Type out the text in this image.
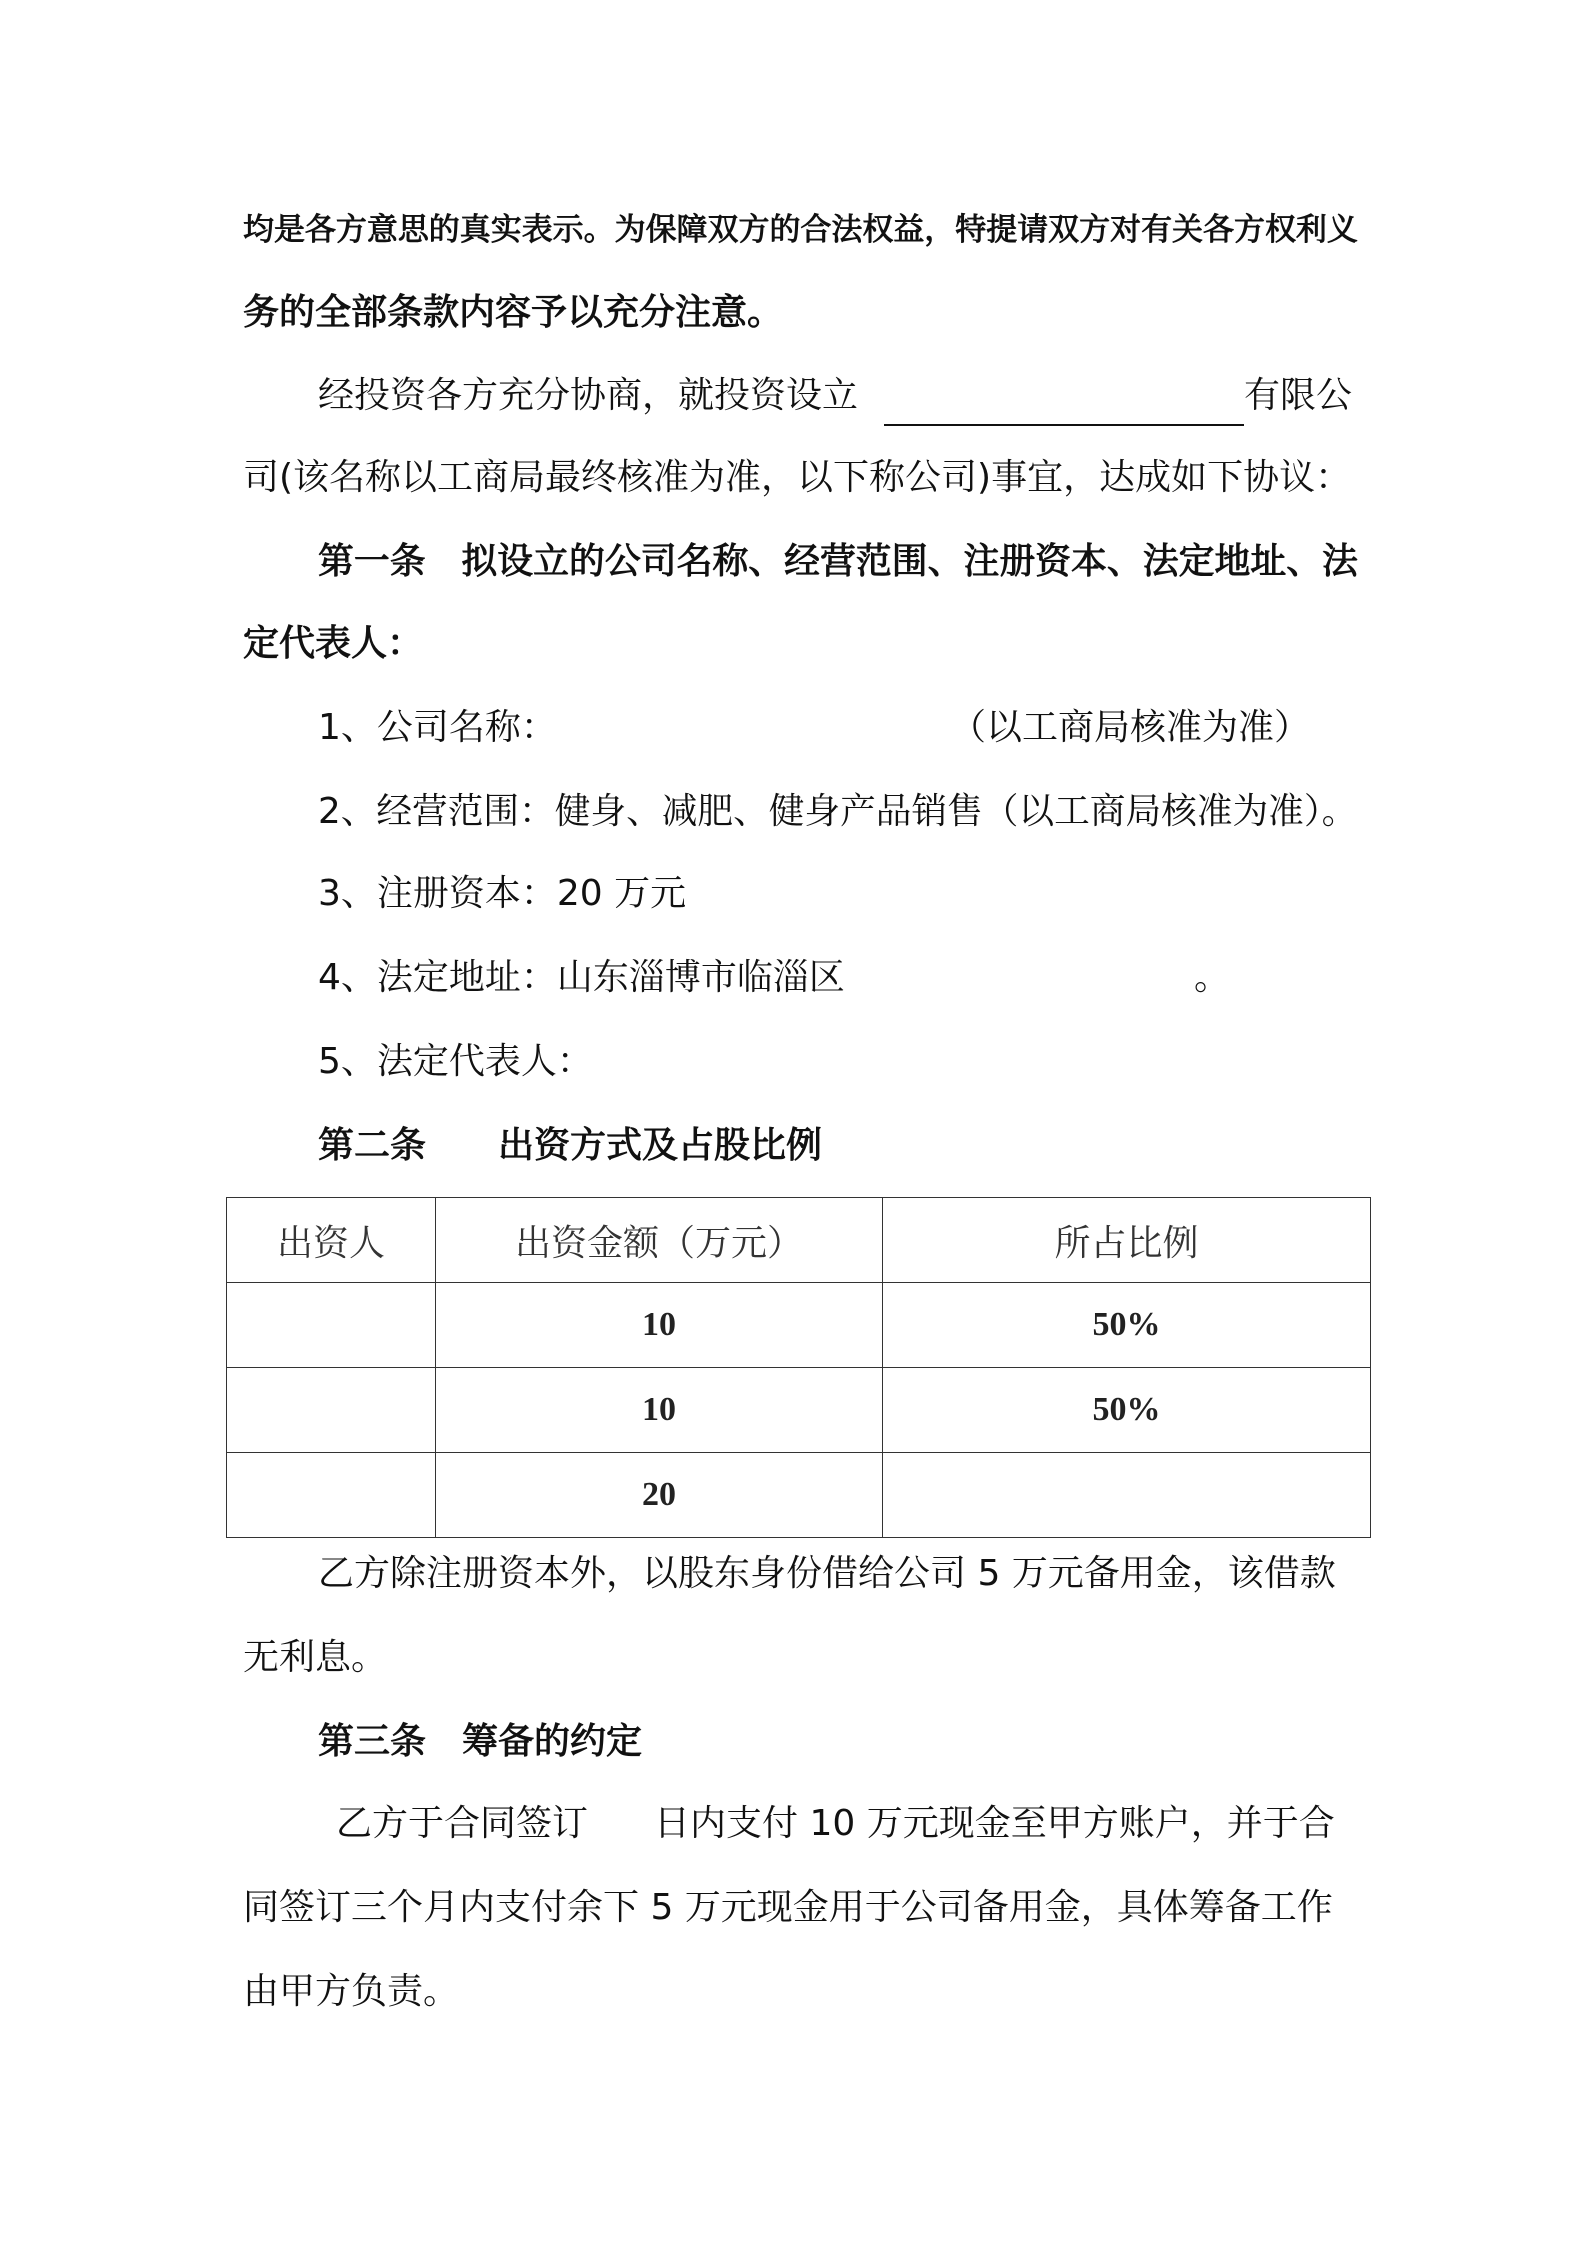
均是各方意思的真实表示。为保障双方的合法权益，特提请双方对有关各方权利义
务的全部条款内容予以充分注意。
经投资各方充分协商，就投资设立	有限公
司(该名称以工商局最终核准为准，以下称公司)事宜，达成如下协议：
第一条　拟设立的公司名称、经营范围、注册资本、法定地址、法
定代表人：
1、公司名称：	（以工商局核准为准）
2、经营范围：健身、减肥、健身产品销售（以工商局核准为准）。
3、注册资本：20 万元
4、法定地址：山东淄博市临淄区	。
5、法定代表人：
第二条　　出资方式及占股比例
出资人	出资金额（万元）	所占比例
	10	50%
	10	50%
	20	
乙方除注册资本外，以股东身份借给公司 5 万元备用金，该借款
无利息。
第三条　筹备的约定
乙方于合同签订 日内支付 10 万元现金至甲方账户，并于合
同签订三个月内支付余下 5 万元现金用于公司备用金，具体筹备工作
由甲方负责。
